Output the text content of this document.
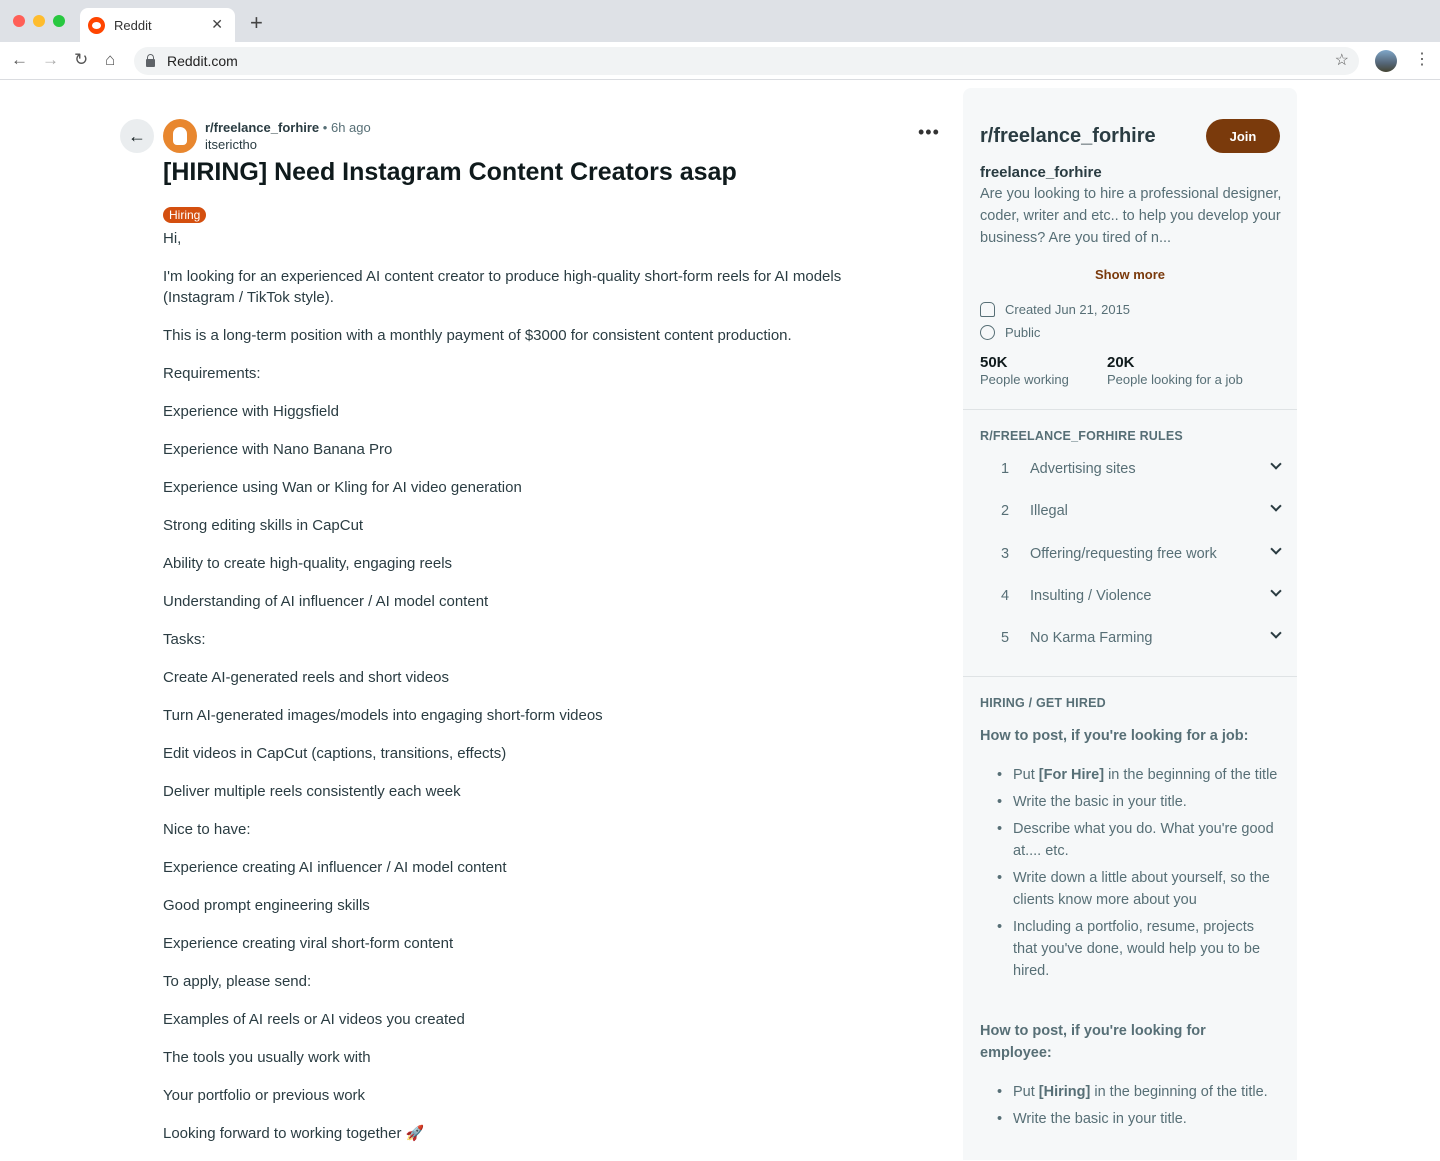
Reddit	✕ +
← → ↻ ⌂	Reddit.com	☆	⋮
←	r/freelance_forhire • 6h ago
itserictho
•••
[HIRING] Need Instagram Content Creators asap
Hiring

Hi,

I'm looking for an experienced AI content creator to produce high-quality short-form reels for AI models (Instagram / TikTok style).

This is a long-term position with a monthly payment of $3000 for consistent content production.

Requirements:

Experience with Higgsfield

Experience with Nano Banana Pro

Experience using Wan or Kling for AI video generation

Strong editing skills in CapCut

Ability to create high-quality, engaging reels

Understanding of AI influencer / AI model content

Tasks:

Create AI-generated reels and short videos

Turn AI-generated images/models into engaging short-form videos

Edit videos in CapCut (captions, transitions, effects)

Deliver multiple reels consistently each week

Nice to have:

Experience creating AI influencer / AI model content

Good prompt engineering skills

Experience creating viral short-form content

To apply, please send:

Examples of AI reels or AI videos you created

The tools you usually work with

Your portfolio or previous work

Looking forward to working together 🚀

r/freelance_forhire	Join
freelance_forhire
Are you looking to hire a professional designer, coder, writer and etc.. to help you develop your business? Are you tired of n...
Show more
Created Jun 21, 2015
Public
50K
People working
20K
People looking for a job
R/FREELANCE_FORHIRE RULES
1	Advertising sites
2	Illegal
3	Offering/requesting free work
4	Insulting / Violence
5	No Karma Farming
HIRING / GET HIRED
How to post, if you're looking for a job:
• Put [For Hire] in the beginning of the title
• Write the basic in your title.
• Describe what you do. What you're good at.... etc.
• Write down a little about yourself, so the clients know more about you
• Including a portfolio, resume, projects that you've done, would help you to be hired.
How to post, if you're looking for employee:
• Put [Hiring] in the beginning of the title.
• Write the basic in your title.
